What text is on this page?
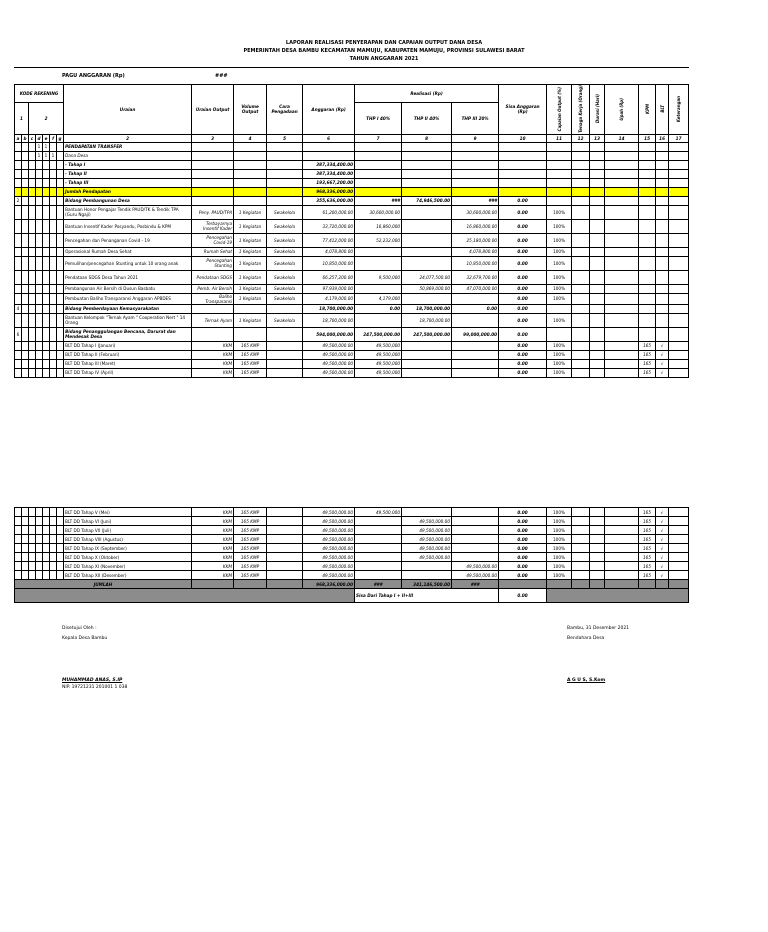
LAPORAN REALISASI PENYERAPAN DAN CAPAIAN OUTPUT DANA DESA
PEMERINTAH DESA BAMBU KECAMATAN MAMUJU, KABUPATEN MAMUJU, PROVINSI SULAWESI BARAT
TAHUN ANGGARAN 2021
PAGU ANGGARAN (Rp)	###
KODE REKENING							Uraian	Uraian Output	Volume Output	Cara Pengadaan	Anggaran (Rp)	Realisasi (Rp)			Sisa Anggaran (Rp)	Capaian Output (%)	Tenaga Kerja (Orang)	Durasi (Hari)	Upah (Rp)	KPM	BLT	Keterangan
1		2										THP I 40%	THP II 40%	THP III 20%								

a	b	c	d	e	f	g	2	3	4	5	6	7	8	9	10	11	12	13	14	15	16	17
			1	1			PENDAPATAN TRANSFER															
			1	1	1		Dana Desa															
							- Tahap I				387,334,400.00											
							- Tahap II				387,334,400.00											
							- Tahap III				193,667,200.00											
							Jumlah Pendapatan				968,336,000.00											
2							Bidang Pembangunan Desa				355,636,000.00	###	74,946,500.00	###	0.00							
							Bantuan Honor Pengajar Tendik PAUD/TK & Tendik TPA (Guru Ngaji)	Peny. PAUD/TPA	1 Kegiatan	Swakelola	61,200,000.00	30,600,000.00		30,600,000.00	0.00	100%						
							Bantuan Insentif Kader Posyandu, Posbindu & KPM	Terbayarnya Insentif Kader	1 Kegiatan	Swakelola	33,720,000.00	16,860,000		16,860,000.00	0.00	100%						
							Pencegahan dan Penanganan Covid - 19	Pencegahan Covid-19	1 Kegiatan	Swakelola	77,412,000.00	52,232,000		25,180,000.00	0.00	100%						
							Operasional Rumah Desa Sehat	Rumah Sehat	1 Kegiatan	Swakelola	4,078,800.00			4,078,800.00	0.00	100%						
							Pemulihan/pencegahan Stunting untuk 10 orang anak	Pencegahan Stunting	1 Kegiatan	Swakelola	10,850,000.00			10,850,000.00	0.00	100%						
							Pendataan SDGS Desa Tahun 2021	Pendataan SDGS	1 Kegiatan	Swakelola	66,257,200.00	9,500,000	24,077,500.00	32,679,700.00	0.00	100%						
							Pembangunan Air Bersih di Dusun Basbatu	Pemb. Air Bersih	1 Kegiatan	Swakelola	97,939,000.00		50,869,000.00	47,070,000.00	0.00	100%						
							Pembuatan Baliho Transparansi Anggaran APBDES	Baliho Transparansi	1 Kegiatan	Swakelola	4,179,000.00	4,179,000			0.00	100%						
4							Bidang Pemberdayaan Kemasyarakatan				18,700,000.00	0.00	18,700,000.00	0.00	0.00							
							Bantuan Kelompok "Ternak Ayam " Cooperation Nert " 14 Orang	Ternak Ayam	1 Kegiatan	Swakelola	18,700,000.00		18,700,000.00		0.00	100%						
6							Bidang Penanggulangan Bencana, Darurat dan Mendesak Desa				594,000,000.00	247,500,000.00	247,500,000.00	99,000,000.00	0.00							
							BLT DD Tahap I (Januari)	KKM	165 KMP		49,500,000.00	49,500,000			0.00	100%				165	√	
							BLT DD Tahap II (Februari)	KKM	165 KMP		49,500,000.00	49,500,000			0.00	100%				165	√	
							BLT DD Tahap III (Maret)	KKM	165 KMP		49,500,000.00	49,500,000			0.00	100%				165	√	
							BLT DD Tahap IV (April)	KKM	165 KMP		49,500,000.00	49,500,000			0.00	100%				165	√	
							BLT DD Tahap V (Mei)	KKM	165 KMP		49,500,000.00	49,500,000			0.00	100%				165	√	
							BLT DD Tahap VI (Juni)	KKM	165 KMP		49,500,000.00		49,500,000.00		0.00	100%				165	√	
							BLT DD Tahap VII (Juli)	KKM	165 KMP		49,500,000.00		49,500,000.00		0.00	100%				165	√	
							BLT DD Tahap VIII (Agustus)	KKM	165 KMP		49,500,000.00		49,500,000.00		0.00	100%				165	√	
							BLT DD Tahap IX (September)	KKM	165 KMP		49,500,000.00		49,500,000.00		0.00	100%				165	√	
							BLT DD Tahap X (Oktober)	KKM	165 KMP		49,500,000.00		49,500,000.00		0.00	100%				165	√	
							BLT DD Tahap XI (November)	KKM	165 KMP		49,500,000.00			49,500,000.00	0.00	100%				165	√	
							BLT DD Tahap XII (Desember)	KKM	165 KMP		49,500,000.00			49,500,000.00	0.00	100%				165	√	
JUMLAH											968,336,000.00	###	341,146,500.00	###								
												Sisa Dari Tahap I + II+III			0.00							
Disetujui Oleh :
Kepala Desa Bambu
MUHAMMAD ANAS, S.IP
NIP. 19721231 201001 1 038
Bambu, 31 Desember 2021
Bendahara Desa
A G U S, S.Kom
